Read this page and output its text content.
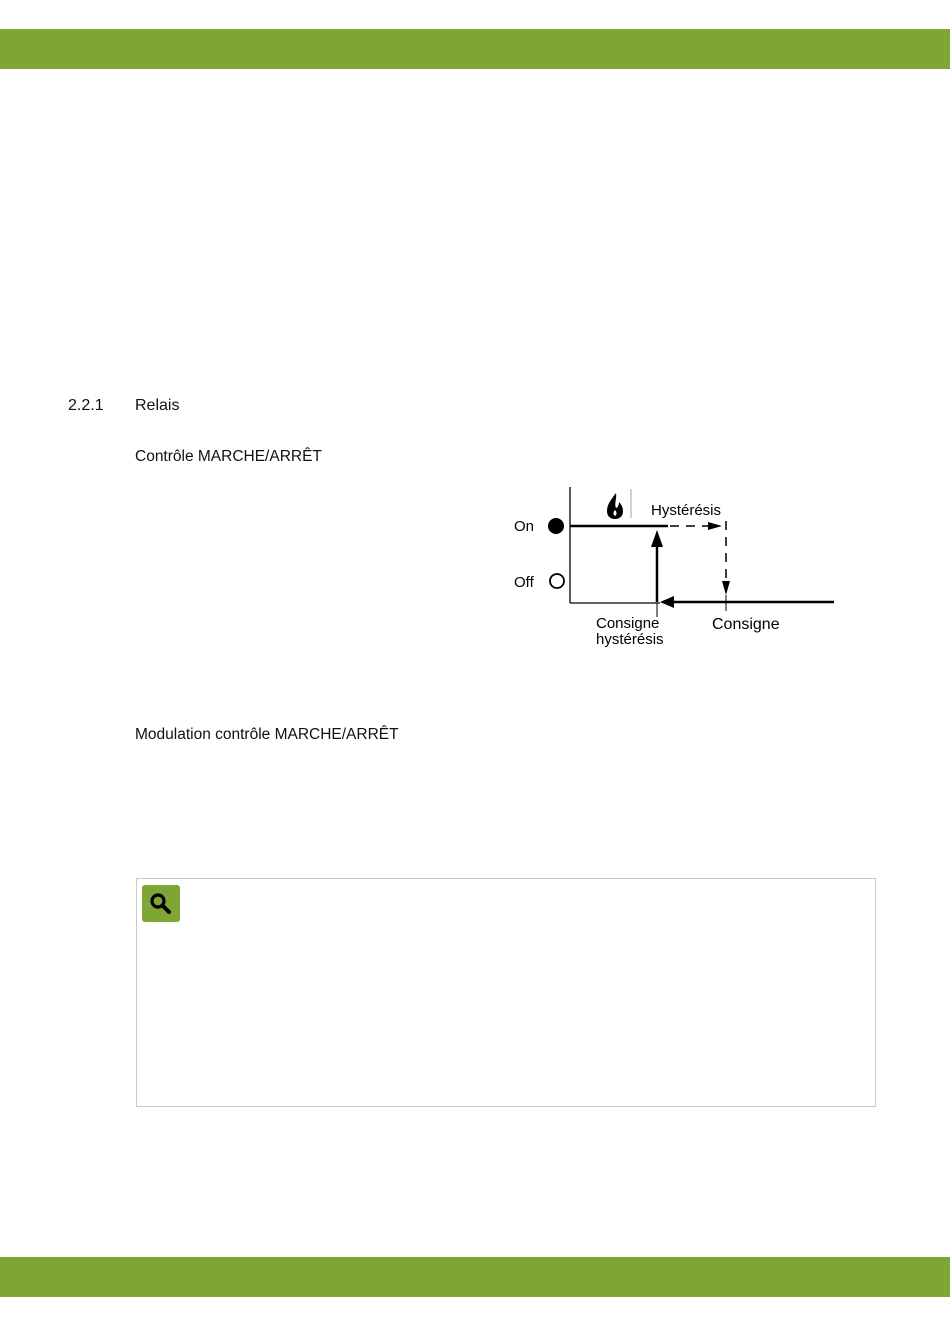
2.2.1 Relais
Contrôle MARCHE/ARRÊT
On
Off
Hystérésis
Consigne
hystérésis
Consigne
Modulation contrôle MARCHE/ARRÊT
